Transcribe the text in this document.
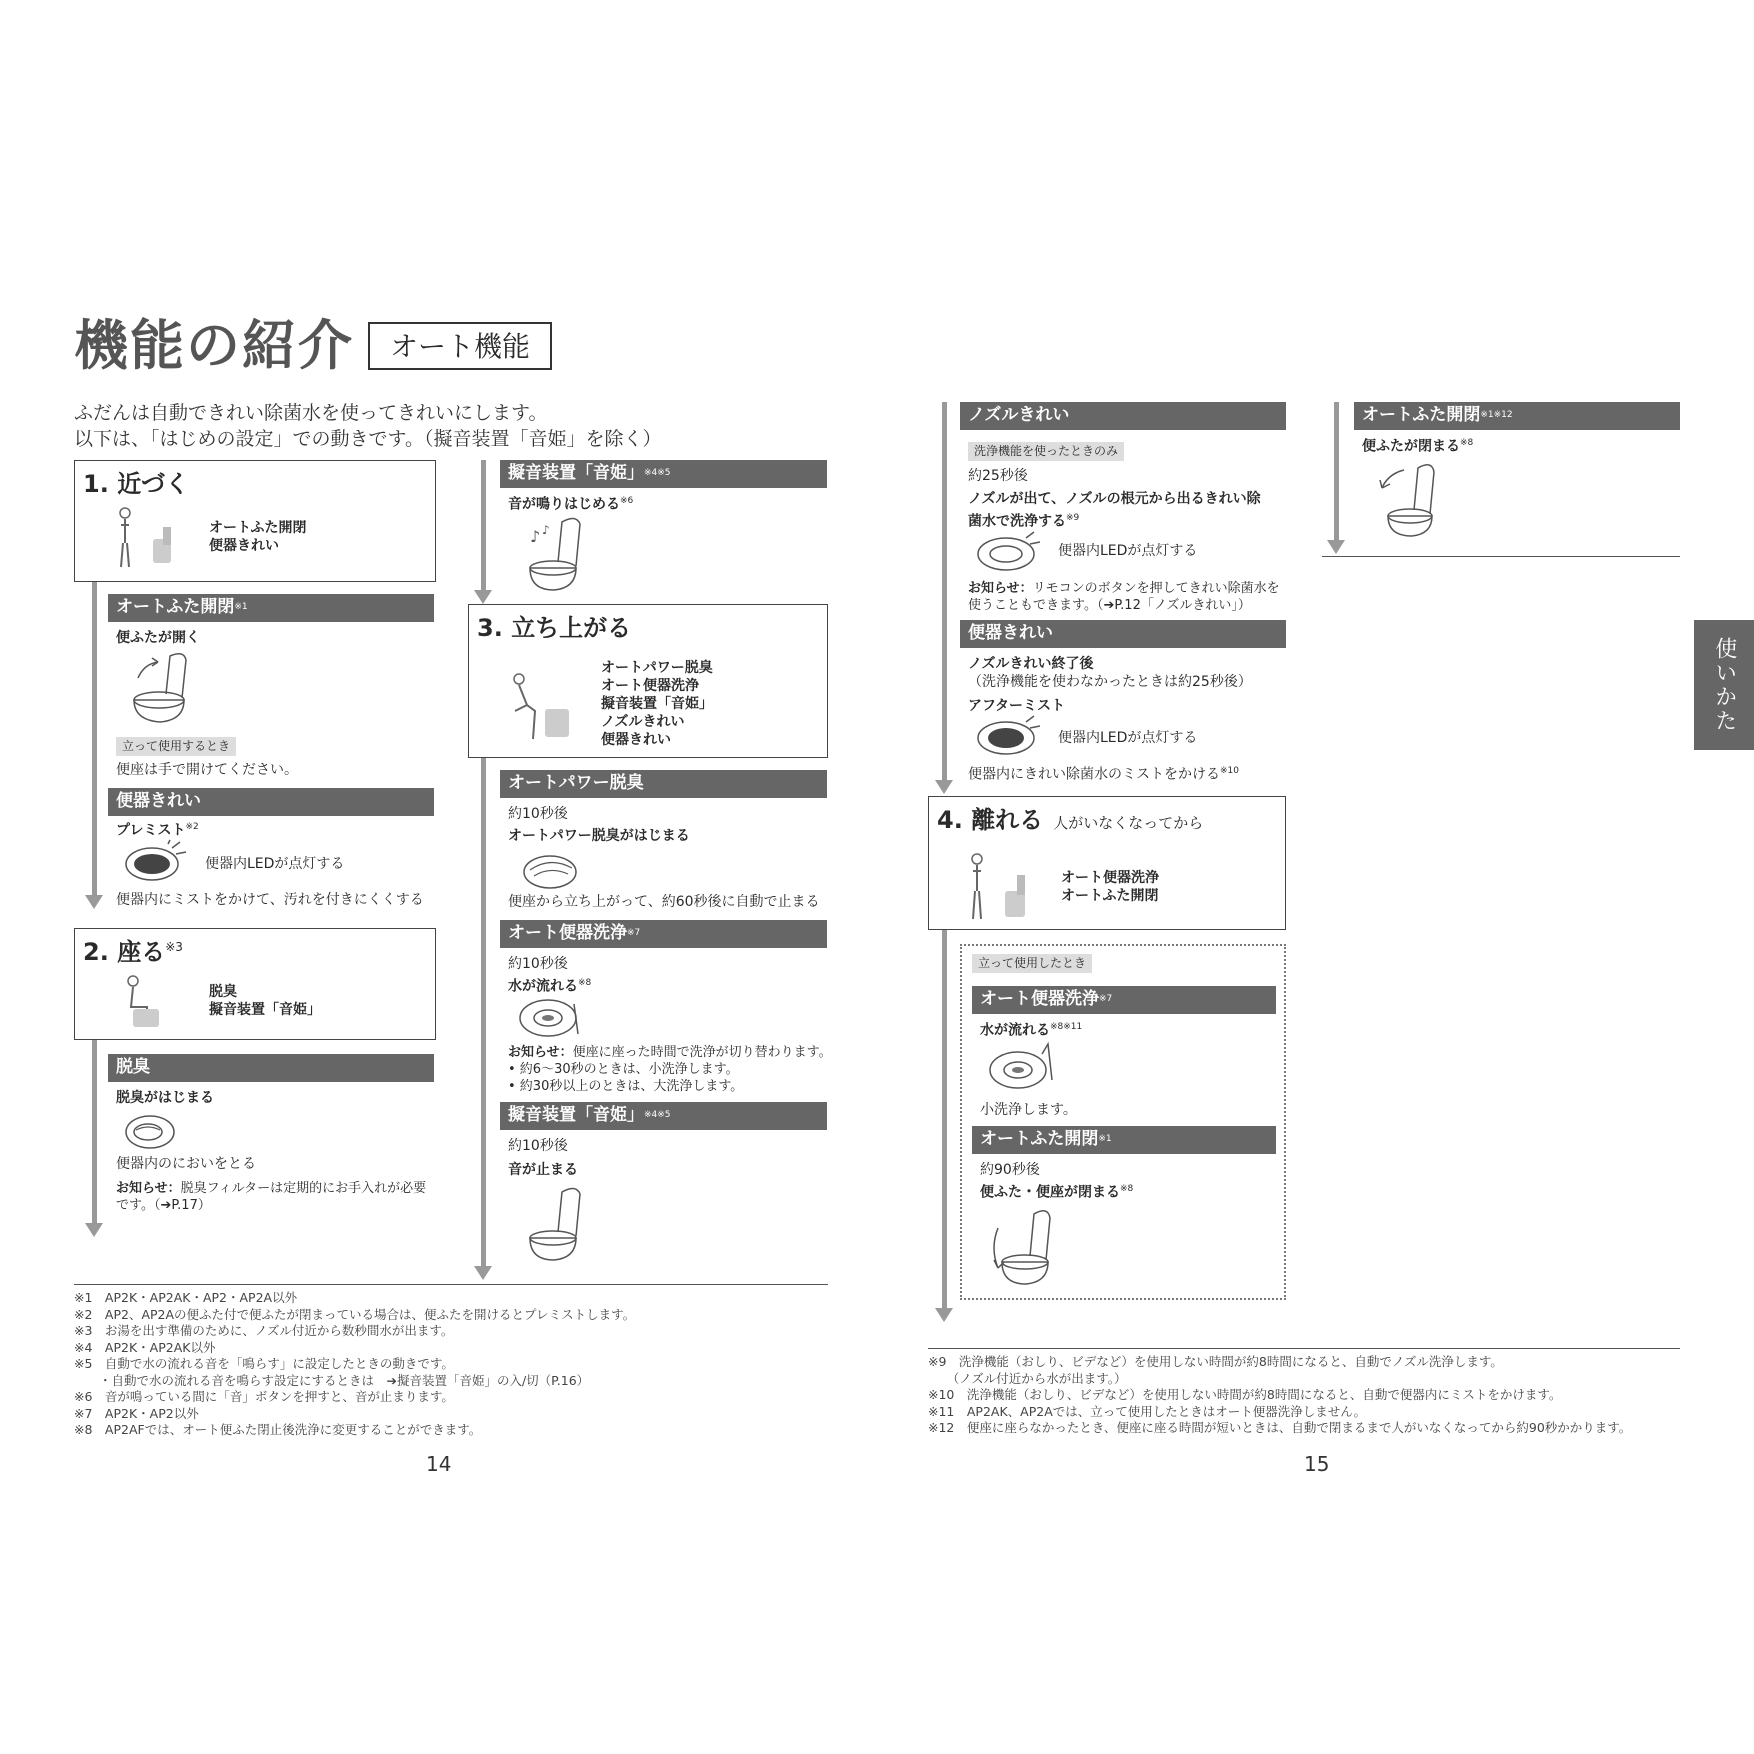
機能の紹介	オート機能
ふだんは自動できれい除菌水を使ってきれいにします。
以下は、「はじめの設定」での動きです。（擬音装置「音姫」を除く）
1. 近づく
オートふた開閉
便器きれい
オートふた開閉 ※1
便ふたが開く
立って使用するとき
便座は手で開けてください。
便器きれい
プレミスト$^{※2}$
便器内LEDが点灯する
便器内にミストをかけて、汚れを付きにくくする
2. 座る$^{※3}$
脱臭
擬音装置「音姫」
脱臭
脱臭がはじまる
便器内のにおいをとる
お知らせ：脱臭フィルターは定期的にお手入れが必要
です。（➔P.17）
擬音装置「音姫」 ※4※5
音が鳴りはじめる$^{※6}$
♪ ♪
3. 立ち上がる
オートパワー脱臭
オート便器洗浄
擬音装置「音姫」
ノズルきれい
便器きれい
オートパワー脱臭
約10秒後
オートパワー脱臭がはじまる
便座から立ち上がって、約60秒後に自動で止まる
オート便器洗浄 ※7
約10秒後
水が流れる$^{※8}$
お知らせ：便座に座った時間で洗浄が切り替わります。
• 約6～30秒のときは、小洗浄します。
• 約30秒以上のときは、大洗浄します。
擬音装置「音姫」 ※4※5
約10秒後
音が止まる
※1　AP2K・AP2AK・AP2・AP2A以外
※2　AP2、AP2Aの便ふた付で便ふたが閉まっている場合は、便ふたを開けるとプレミストします。
※3　お湯を出す準備のために、ノズル付近から数秒間水が出ます。
※4　AP2K・AP2AK以外
※5　自動で水の流れる音を「鳴らす」に設定したときの動きです。
　　・自動で水の流れる音を鳴らす設定にするときは　➔擬音装置「音姫」の入/切（P.16）
※6　音が鳴っている間に「音」ボタンを押すと、音が止まります。
※7　AP2K・AP2以外
※8　AP2AFでは、オート便ふた閉止後洗浄に変更することができます。
14
ノズルきれい
洗浄機能を使ったときのみ
約25秒後
ノズルが出て、ノズルの根元から出るきれい除
菌水で洗浄する$^{※9}$
便器内LEDが点灯する
お知らせ：リモコンのボタンを押してきれい除菌水を
使うこともできます。（➔P.12「ノズルきれい」）
便器きれい
ノズルきれい終了後
（洗浄機能を使わなかったときは約25秒後）
アフターミスト
便器内LEDが点灯する
便器内にきれい除菌水のミストをかける$^{※10}$
4. 離れる 人がいなくなってから
オート便器洗浄
オートふた開閉
立って使用したとき
オート便器洗浄 ※7
水が流れる$^{※8※11}$
小洗浄します。
オートふた開閉 ※1
約90秒後
便ふた・便座が閉まる$^{※8}$
オートふた開閉 ※1※12
便ふたが閉まる$^{※8}$
※9　洗浄機能（おしり、ビデなど）を使用しない時間が約8時間になると、自動でノズル洗浄します。
　　（ノズル付近から水が出ます。）
※10　洗浄機能（おしり、ビデなど）を使用しない時間が約8時間になると、自動で便器内にミストをかけます。
※11　AP2AK、AP2Aでは、立って使用したときはオート便器洗浄しません。
※12　便座に座らなかったとき、便座に座る時間が短いときは、自動で閉まるまで人がいなくなってから約90秒かかります。
15
使いかた
